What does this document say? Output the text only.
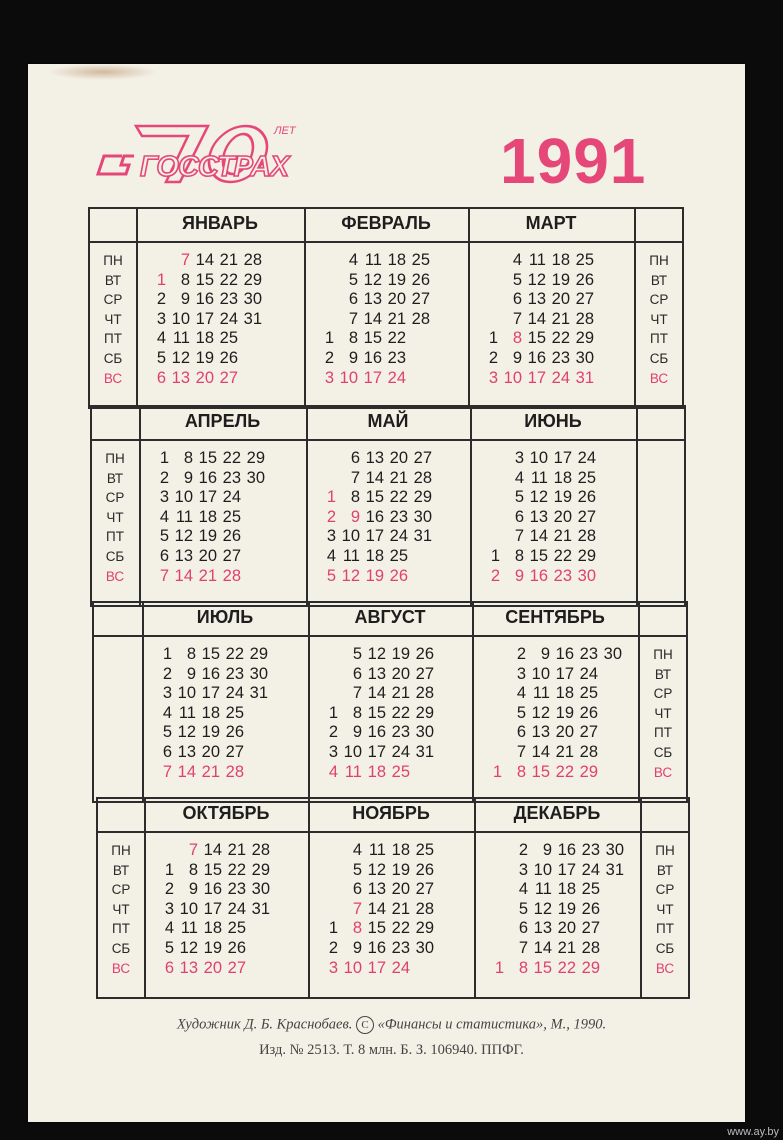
ГОССТРАХ
ЛЕТ	1991
ПН
ВТ
СР
ЧТ
ПТ
СБ
ВС
ПН
ВТ
СР
ЧТ
ПТ
СБ
ВС
ЯНВАРЬ
7 14 21 28
1 8 15 22 29
2 9 16 23 30
3 10 17 24 31
4 11 18 25
5 12 19 26
6 13 20 27
ФЕВРАЛЬ
4 11 18 25
5 12 19 26
6 13 20 27
7 14 21 28
1 8 15 22
2 9 16 23
3 10 17 24
МАРТ
4 11 18 25
5 12 19 26
6 13 20 27
7 14 21 28
1 8 15 22 29
2 9 16 23 30
3 10 17 24 31
ПН
ВТ
СР
ЧТ
ПТ
СБ
ВС
АПРЕЛЬ
1 8 15 22 29
2 9 16 23 30
3 10 17 24
4 11 18 25
5 12 19 26
6 13 20 27
7 14 21 28
МАЙ
6 13 20 27
7 14 21 28
1 8 15 22 29
2 9 16 23 30
3 10 17 24 31
4 11 18 25
5 12 19 26
ИЮНЬ
3 10 17 24
4 11 18 25
5 12 19 26
6 13 20 27
7 14 21 28
1 8 15 22 29
2 9 16 23 30
ПН
ВТ
СР
ЧТ
ПТ
СБ
ВС
ИЮЛЬ
1 8 15 22 29
2 9 16 23 30
3 10 17 24 31
4 11 18 25
5 12 19 26
6 13 20 27
7 14 21 28
АВГУСТ
5 12 19 26
6 13 20 27
7 14 21 28
1 8 15 22 29
2 9 16 23 30
3 10 17 24 31
4 11 18 25
СЕНТЯБРЬ
2 9 16 23 30
3 10 17 24
4 11 18 25
5 12 19 26
6 13 20 27
7 14 21 28
1 8 15 22 29
ПН
ВТ
СР
ЧТ
ПТ
СБ
ВС
ПН
ВТ
СР
ЧТ
ПТ
СБ
ВС
ОКТЯБРЬ
7 14 21 28
1 8 15 22 29
2 9 16 23 30
3 10 17 24 31
4 11 18 25
5 12 19 26
6 13 20 27
НОЯБРЬ
4 11 18 25
5 12 19 26
6 13 20 27
7 14 21 28
1 8 15 22 29
2 9 16 23 30
3 10 17 24
ДЕКАБРЬ
2 9 16 23 30
3 10 17 24 31
4 11 18 25
5 12 19 26
6 13 20 27
7 14 21 28
1 8 15 22 29
Художник Д. Б. Краснобаев. C «Финансы и статистика», М., 1990.
Изд. № 2513. Т. 8 млн. Б. З. 106940. ППФГ.
www.ay.by
